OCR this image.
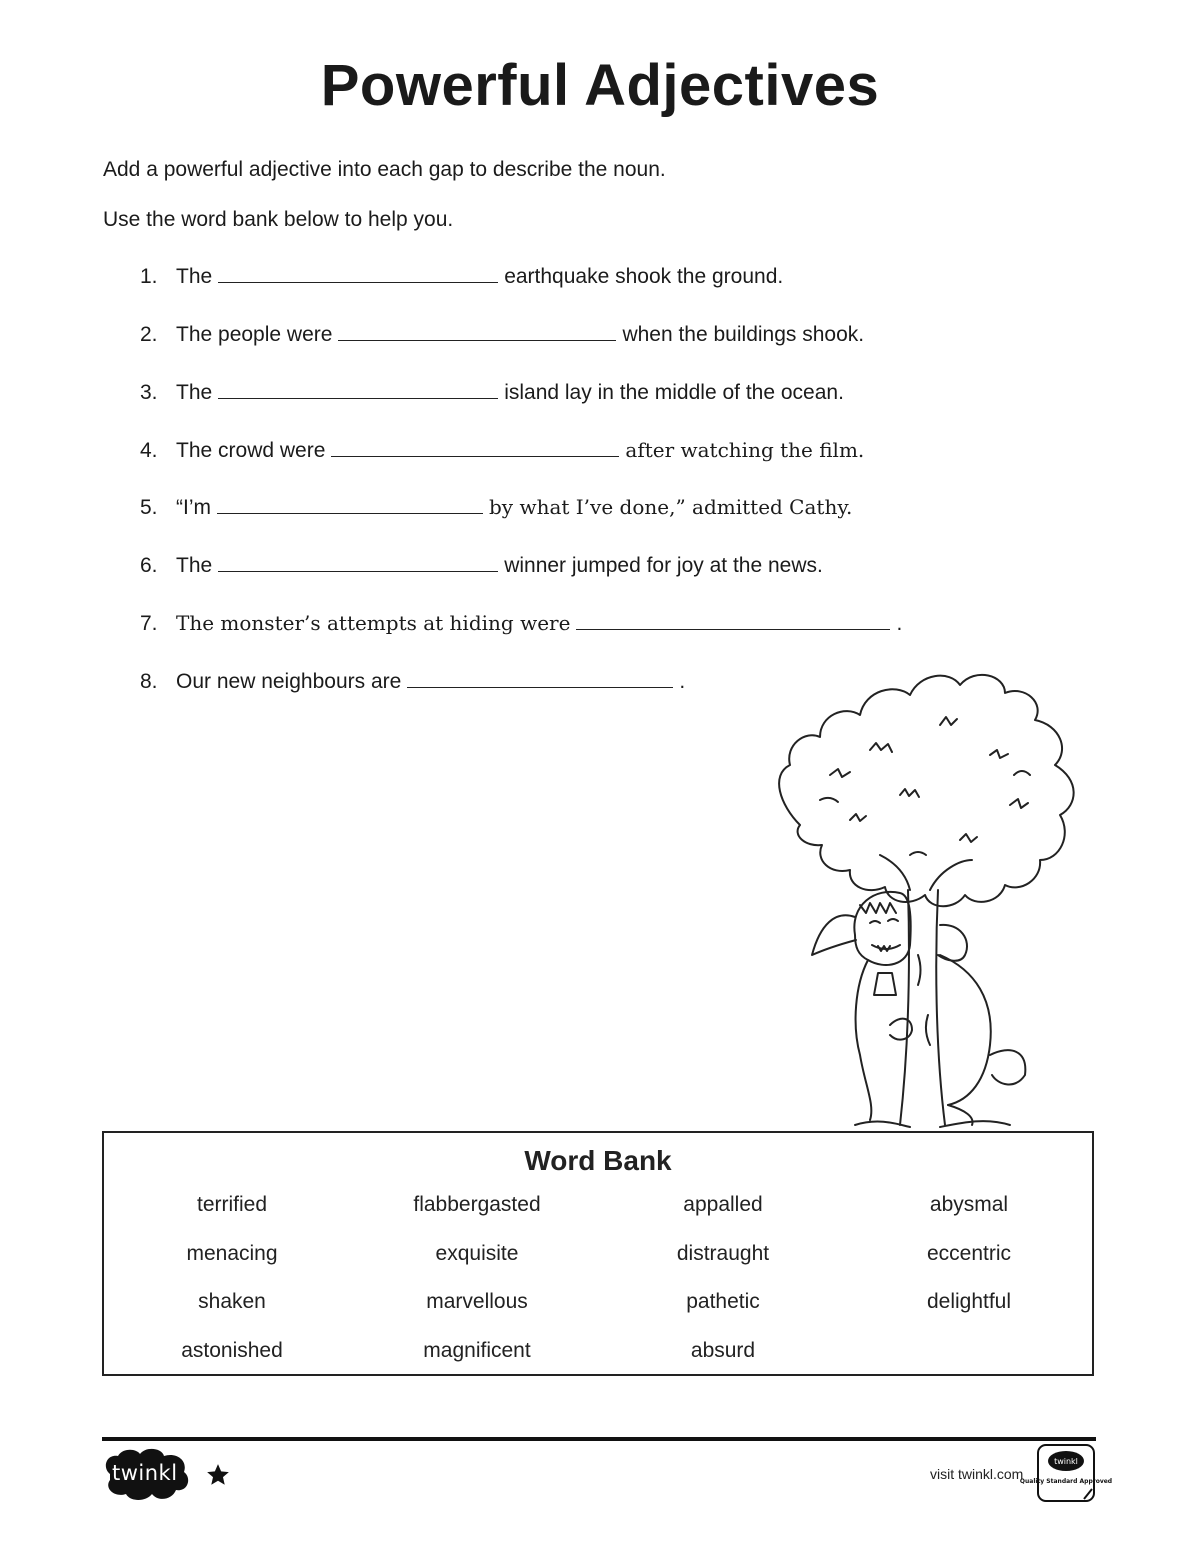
Powerful Adjectives
Add a powerful adjective into each gap to describe the noun.
Use the word bank below to help you.
1. The	earthquake shook the ground.
2. The people were	when the buildings shook.
3. The	island lay in the middle of the ocean.
4. The crowd were	after watching the film.
5. “I’m	by what I’ve done,” admitted Cathy.
6. The	winner jumped for joy at the news.
7. The monster’s attempts at hiding were	.
8. Our new neighbours are	.
Word Bank
terrified	flabbergasted	appalled	abysmal
menacing	exquisite	distraught	eccentric
shaken	marvellous	pathetic	delightful
astonished	magnificent	absurd
twinkl	visit twinkl.com
twinkl
Quality Standard Approved
